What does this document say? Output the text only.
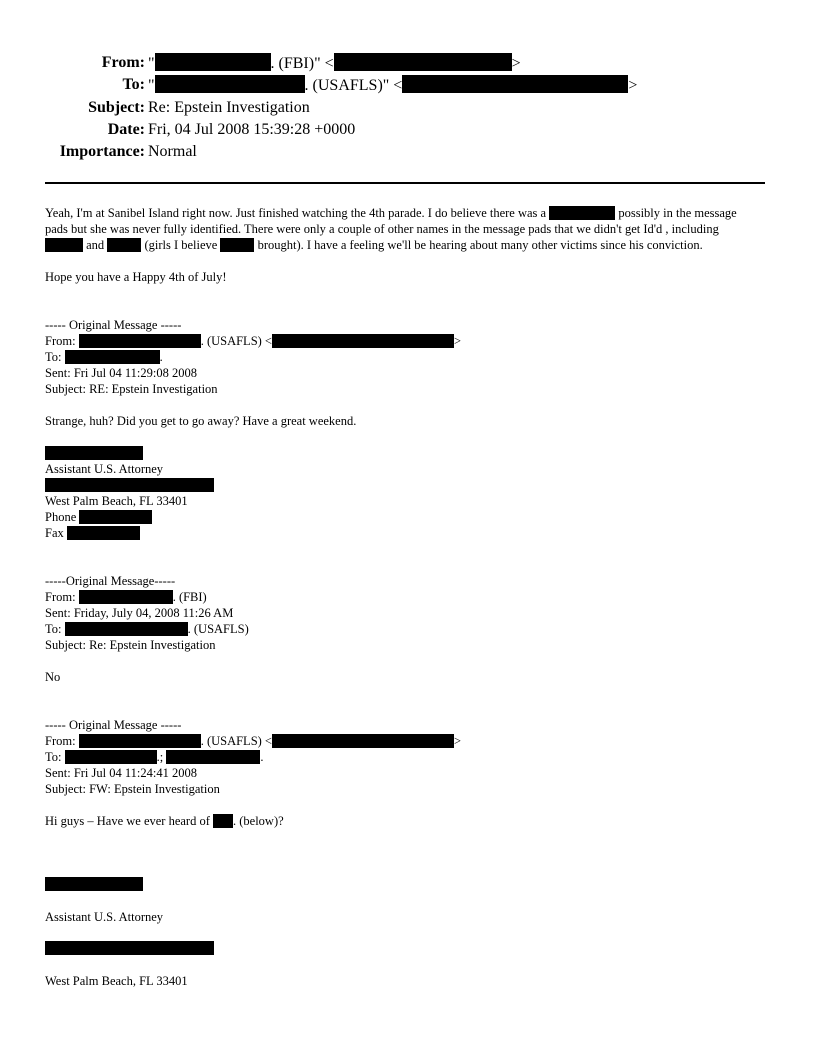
From: "	. (FBI)" <	>
To: "	. (USAFLS)" <	>
Subject: Re: Epstein Investigation
Date: Fri, 04 Jul 2008 15:39:28 +0000
Importance: Normal
Yeah, I'm at Sanibel Island right now. Just finished watching the 4th parade. I do believe there was a	possibly in the message
pads but she was never fully identified. There were only a couple of other names in the message pads that we didn't get Id'd , including
and	(girls I believe	brought). I have a feeling we'll be hearing about many other victims since his conviction.
Hope you have a Happy 4th of July!
----- Original Message -----
From:	. (USAFLS) <	>
To:	.
Sent: Fri Jul 04 11:29:08 2008
Subject: RE: Epstein Investigation
Strange, huh? Did you get to go away? Have a great weekend.
Assistant U.S. Attorney
West Palm Beach, FL 33401
Phone
Fax
-----Original Message-----
From:	. (FBI)
Sent: Friday, July 04, 2008 11:26 AM
To:	. (USAFLS)
Subject: Re: Epstein Investigation
No
----- Original Message -----
From:	. (USAFLS) <	>
To:	.;	.
Sent: Fri Jul 04 11:24:41 2008
Subject: FW: Epstein Investigation
Hi guys – Have we ever heard of . (below)?
Assistant U.S. Attorney
West Palm Beach, FL 33401
